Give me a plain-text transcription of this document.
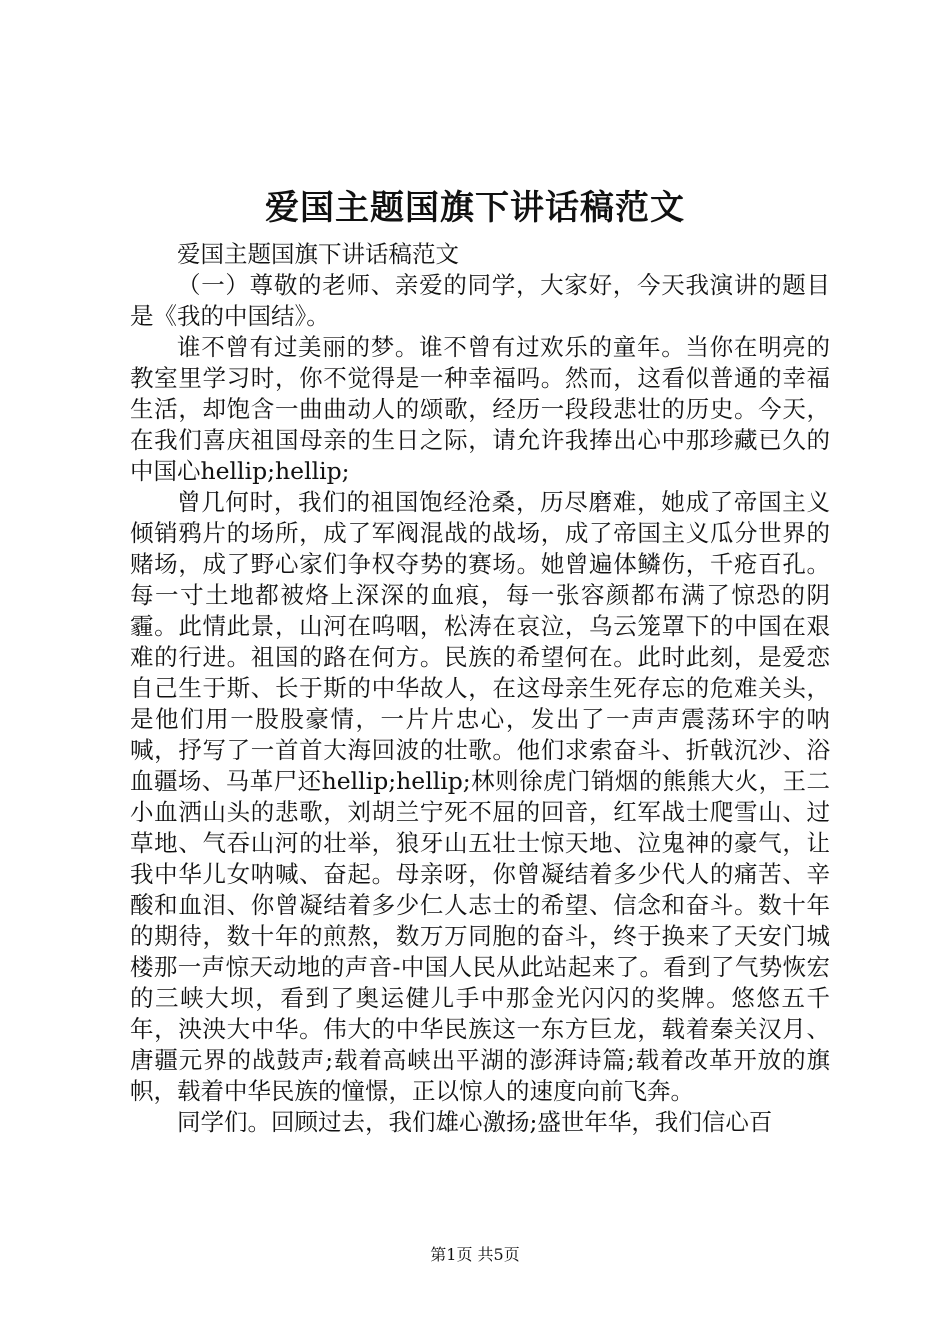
爱国主题国旗下讲话稿范文

爱国主题国旗下讲话稿范文

（一）尊敬的老师、亲爱的同学，大家好，今天我演讲的题目是《我的中国结》。

谁不曾有过美丽的梦。谁不曾有过欢乐的童年。当你在明亮的教室里学习时，你不觉得是一种幸福吗。然而，这看似普通的幸福生活，却饱含一曲曲动人的颂歌，经历一段段悲壮的历史。今天，在我们喜庆祖国母亲的生日之际，请允许我捧出心中那珍藏已久的中国心hellip;hellip;

曾几何时，我们的祖国饱经沧桑，历尽磨难，她成了帝国主义倾销鸦片的场所，成了军阀混战的战场，成了帝国主义瓜分世界的赌场，成了野心家们争权夺势的赛场。她曾遍体鳞伤，千疮百孔。每一寸土地都被烙上深深的血痕，每一张容颜都布满了惊恐的阴霾。此情此景，山河在呜咽，松涛在哀泣，乌云笼罩下的中国在艰难的行进。祖国的路在何方。民族的希望何在。此时此刻，是爱恋自己生于斯、长于斯的中华故人，在这母亲生死存忘的危难关头，是他们用一股股豪情，一片片忠心，发出了一声声震荡环宇的呐喊，抒写了一首首大海回波的壮歌。他们求索奋斗、折戟沉沙、浴血疆场、马革尸还hellip;hellip;林则徐虎门销烟的熊熊大火，王二小血洒山头的悲歌，刘胡兰宁死不屈的回音，红军战士爬雪山、过草地、气吞山河的壮举，狼牙山五壮士惊天地、泣鬼神的豪气，让我中华儿女呐喊、奋起。母亲呀，你曾凝结着多少代人的痛苦、辛酸和血泪、你曾凝结着多少仁人志士的希望、信念和奋斗。数十年的期待，数十年的煎熬，数万万同胞的奋斗，终于换来了天安门城楼那一声惊天动地的声音-中国人民从此站起来了。看到了气势恢宏的三峡大坝，看到了奥运健儿手中那金光闪闪的奖牌。悠悠五千年，泱泱大中华。伟大的中华民族这一东方巨龙，载着秦关汉月、唐疆元界的战鼓声;载着高峡出平湖的澎湃诗篇;载着改革开放的旗帜，载着中华民族的憧憬，正以惊人的速度向前飞奔。

同学们。回顾过去，我们雄心激扬;盛世年华，我们信心百

第1页 共5页
